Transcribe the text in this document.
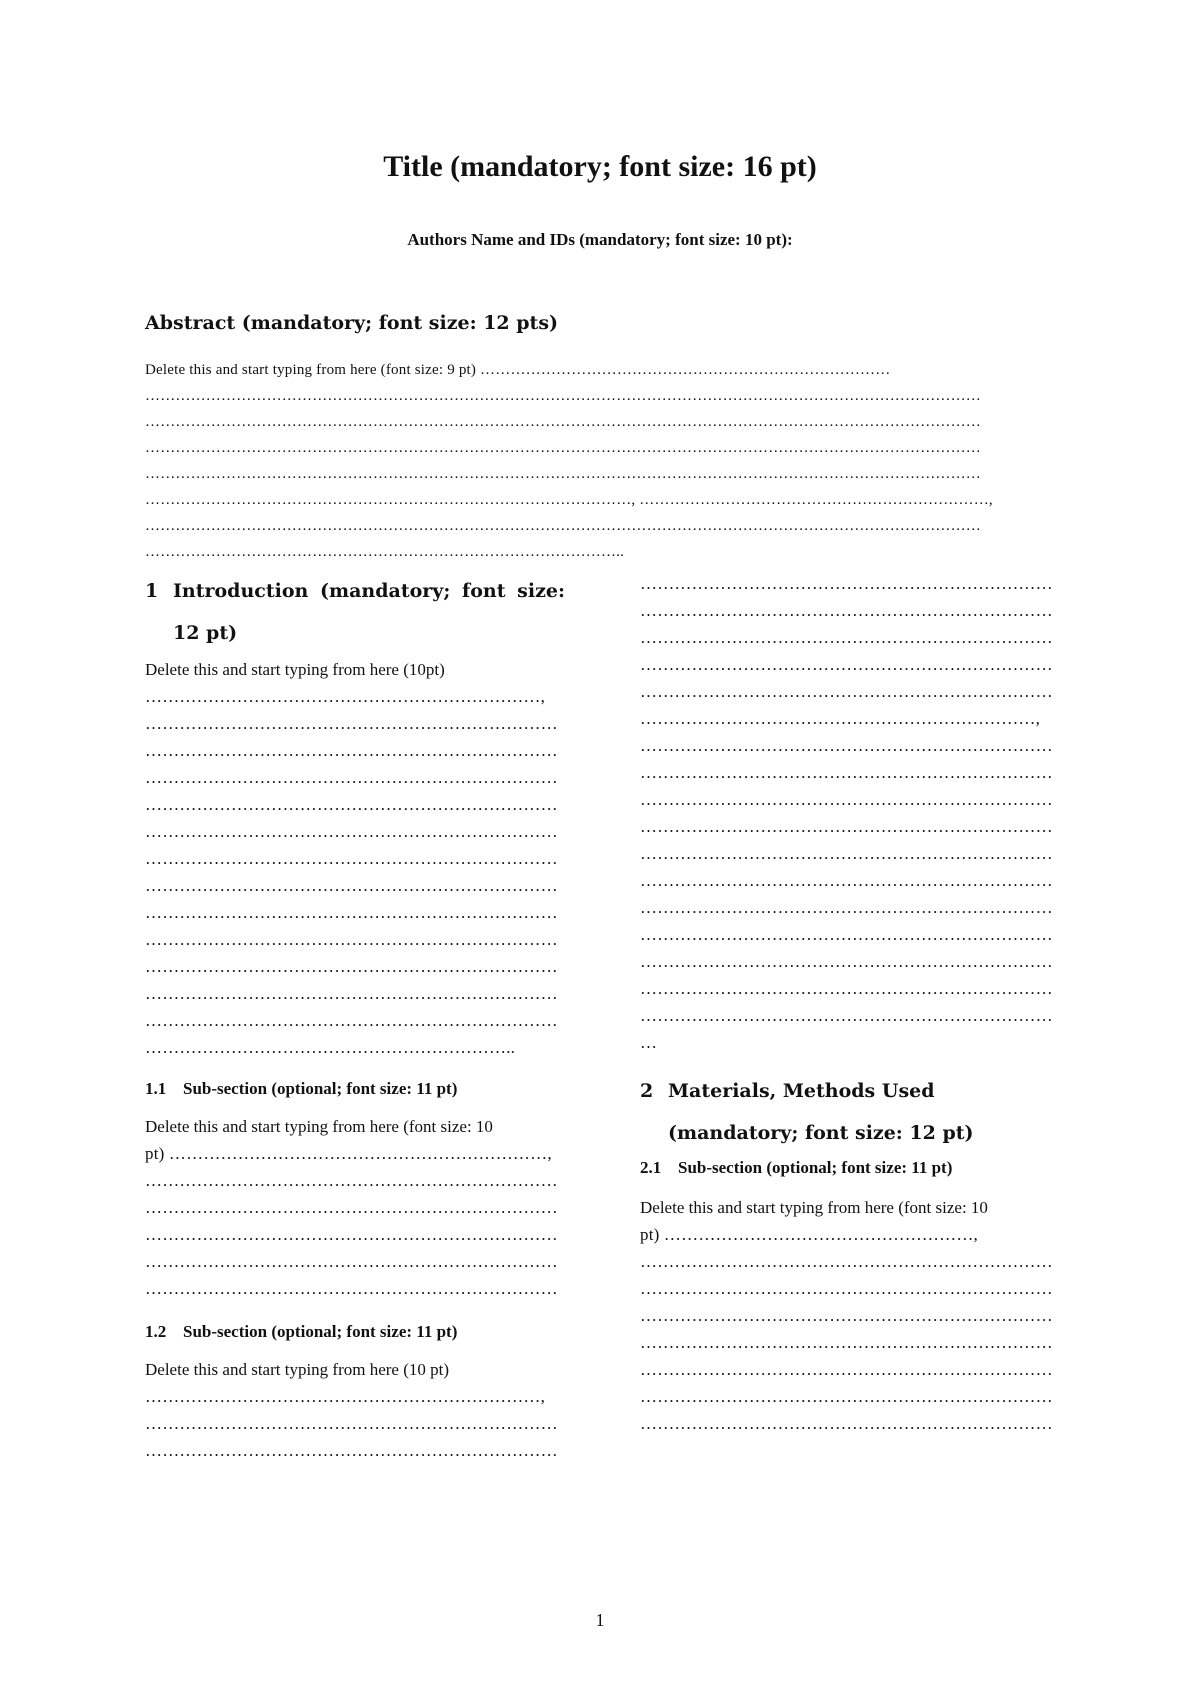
Title (mandatory; font size: 16 pt)

Authors Name and IDs (mandatory; font size: 10 pt):

Abstract (mandatory; font size: 12 pts)
Delete this and start typing from here (font size: 9 pt) ………………………………………………………………………
…………………………………………………………………………………………………………………………………………………
…………………………………………………………………………………………………………………………………………………
…………………………………………………………………………………………………………………………………………………
…………………………………………………………………………………………………………………………………………………
……………………………………………………………………………………, ……………………………………………………………,
…………………………………………………………………………………………………………………………………………………
…………………………………………………………………………………..
1 Introduction (mandatory; font size: 12 pt)
Delete this and start typing from here (10pt)
……………………………………………………………,
………………………………………………………………
………………………………………………………………
………………………………………………………………
………………………………………………………………
………………………………………………………………
………………………………………………………………
………………………………………………………………
………………………………………………………………
………………………………………………………………
………………………………………………………………
………………………………………………………………
………………………………………………………………
………………………………………………………..
1.1 Sub-section (optional; font size: 11 pt)
Delete this and start typing from here (font size: 10
pt) …………………………………………………………,
………………………………………………………………
………………………………………………………………
………………………………………………………………
………………………………………………………………
………………………………………………………………
1.2 Sub-section (optional; font size: 11 pt)
Delete this and start typing from here (10 pt)
……………………………………………………………,
………………………………………………………………
………………………………………………………………
………………………………………………………………
………………………………………………………………
………………………………………………………………
………………………………………………………………
………………………………………………………………
……………………………………………………………,
………………………………………………………………
………………………………………………………………
………………………………………………………………
………………………………………………………………
………………………………………………………………
………………………………………………………………
………………………………………………………………
………………………………………………………………
………………………………………………………………
………………………………………………………………
………………………………………………………………
…
2 Materials, Methods Used (mandatory; font size: 12 pt)
2.1 Sub-section (optional; font size: 11 pt)
Delete this and start typing from here (font size: 10
pt) ………………………………………………,
………………………………………………………………
………………………………………………………………
………………………………………………………………
………………………………………………………………
………………………………………………………………
………………………………………………………………
………………………………………………………………

1
